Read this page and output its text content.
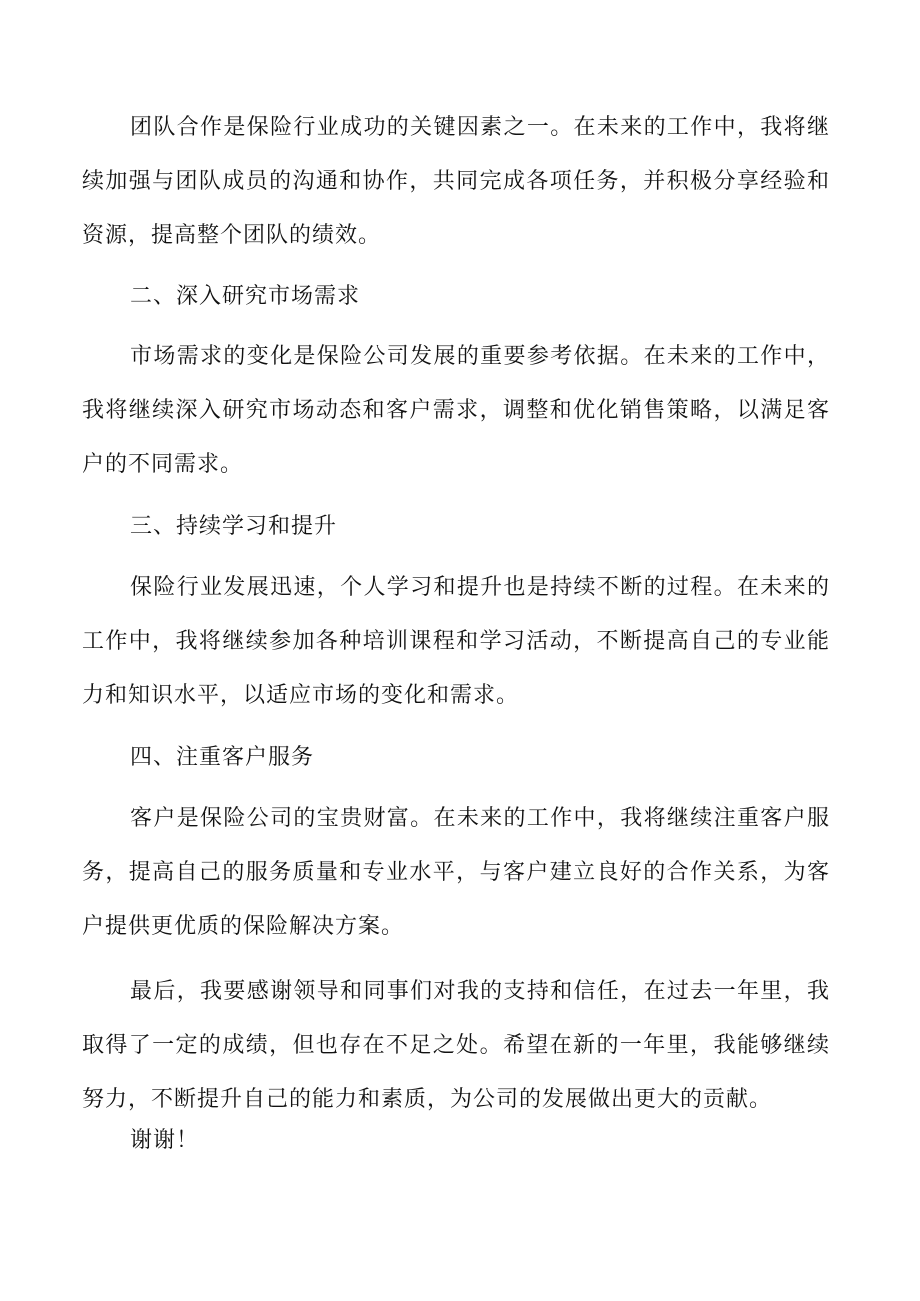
团队合作是保险行业成功的关键因素之一。在未来的工作中，我将继续加强与团队成员的沟通和协作，共同完成各项任务，并积极分享经验和资源，提高整个团队的绩效。

二、深入研究市场需求

市场需求的变化是保险公司发展的重要参考依据。在未来的工作中，我将继续深入研究市场动态和客户需求，调整和优化销售策略，以满足客户的不同需求。

三、持续学习和提升

保险行业发展迅速，个人学习和提升也是持续不断的过程。在未来的工作中，我将继续参加各种培训课程和学习活动，不断提高自己的专业能力和知识水平，以适应市场的变化和需求。

四、注重客户服务

客户是保险公司的宝贵财富。在未来的工作中，我将继续注重客户服务，提高自己的服务质量和专业水平，与客户建立良好的合作关系，为客户提供更优质的保险解决方案。

最后，我要感谢领导和同事们对我的支持和信任，在过去一年里，我取得了一定的成绩，但也存在不足之处。希望在新的一年里，我能够继续努力，不断提升自己的能力和素质，为公司的发展做出更大的贡献。

谢谢！
